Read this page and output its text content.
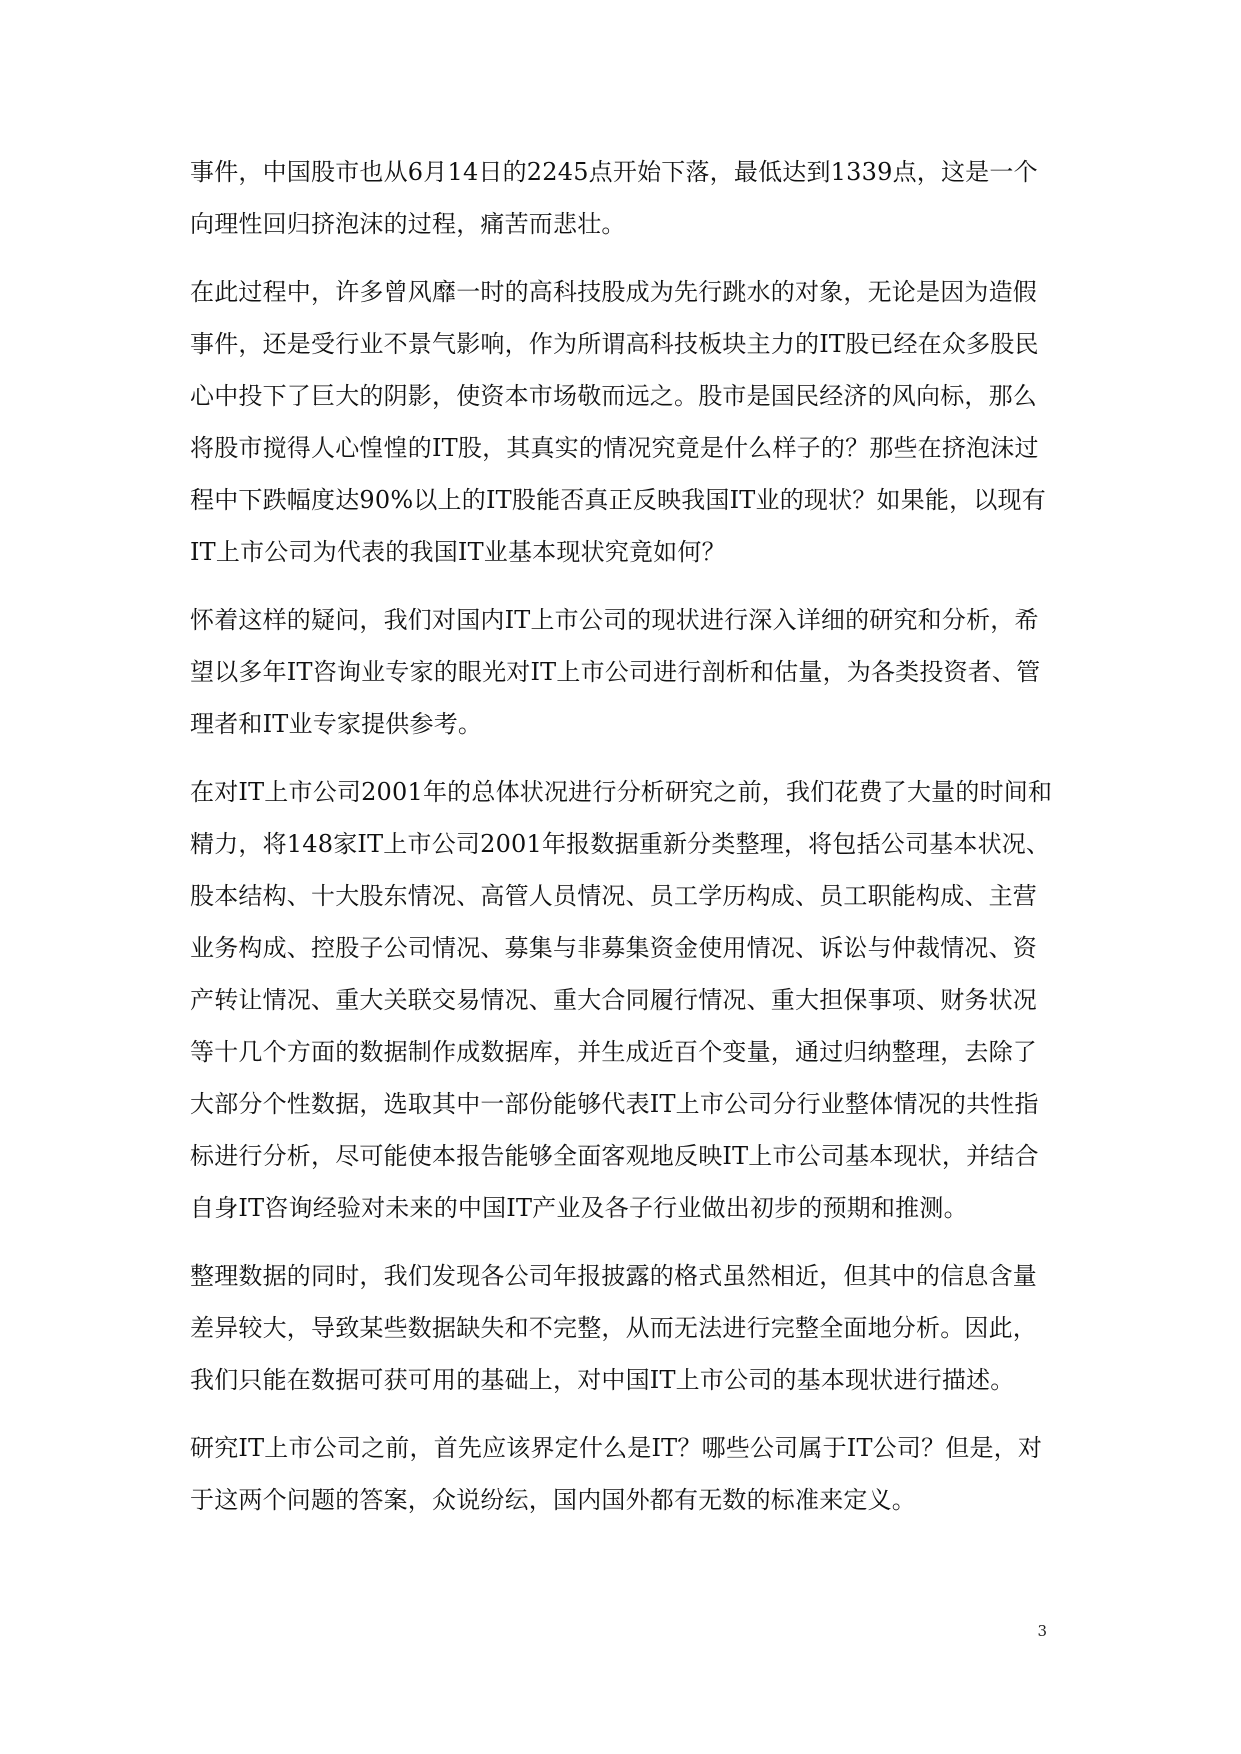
事件，中国股市也从6月14日的2245点开始下落，最低达到1339点，这是一个向理性回归挤泡沫的过程，痛苦而悲壮。

在此过程中，许多曾风靡一时的高科技股成为先行跳水的对象，无论是因为造假事件，还是受行业不景气影响，作为所谓高科技板块主力的IT股已经在众多股民心中投下了巨大的阴影，使资本市场敬而远之。股市是国民经济的风向标，那么将股市搅得人心惶惶的IT股，其真实的情况究竟是什么样子的？那些在挤泡沫过程中下跌幅度达90%以上的IT股能否真正反映我国IT业的现状？如果能，以现有IT上市公司为代表的我国IT业基本现状究竟如何？

怀着这样的疑问，我们对国内IT上市公司的现状进行深入详细的研究和分析，希望以多年IT咨询业专家的眼光对IT上市公司进行剖析和估量，为各类投资者、管理者和IT业专家提供参考。

在对IT上市公司2001年的总体状况进行分析研究之前，我们花费了大量的时间和精力，将148家IT上市公司2001年报数据重新分类整理，将包括公司基本状况、股本结构、十大股东情况、高管人员情况、员工学历构成、员工职能构成、主营业务构成、控股子公司情况、募集与非募集资金使用情况、诉讼与仲裁情况、资产转让情况、重大关联交易情况、重大合同履行情况、重大担保事项、财务状况等十几个方面的数据制作成数据库，并生成近百个变量，通过归纳整理，去除了大部分个性数据，选取其中一部份能够代表IT上市公司分行业整体情况的共性指标进行分析，尽可能使本报告能够全面客观地反映IT上市公司基本现状，并结合自身IT咨询经验对未来的中国IT产业及各子行业做出初步的预期和推测。

整理数据的同时，我们发现各公司年报披露的格式虽然相近，但其中的信息含量差异较大，导致某些数据缺失和不完整，从而无法进行完整全面地分析。因此，我们只能在数据可获可用的基础上，对中国IT上市公司的基本现状进行描述。

研究IT上市公司之前，首先应该界定什么是IT？哪些公司属于IT公司？但是，对于这两个问题的答案，众说纷纭，国内国外都有无数的标准来定义。

3
